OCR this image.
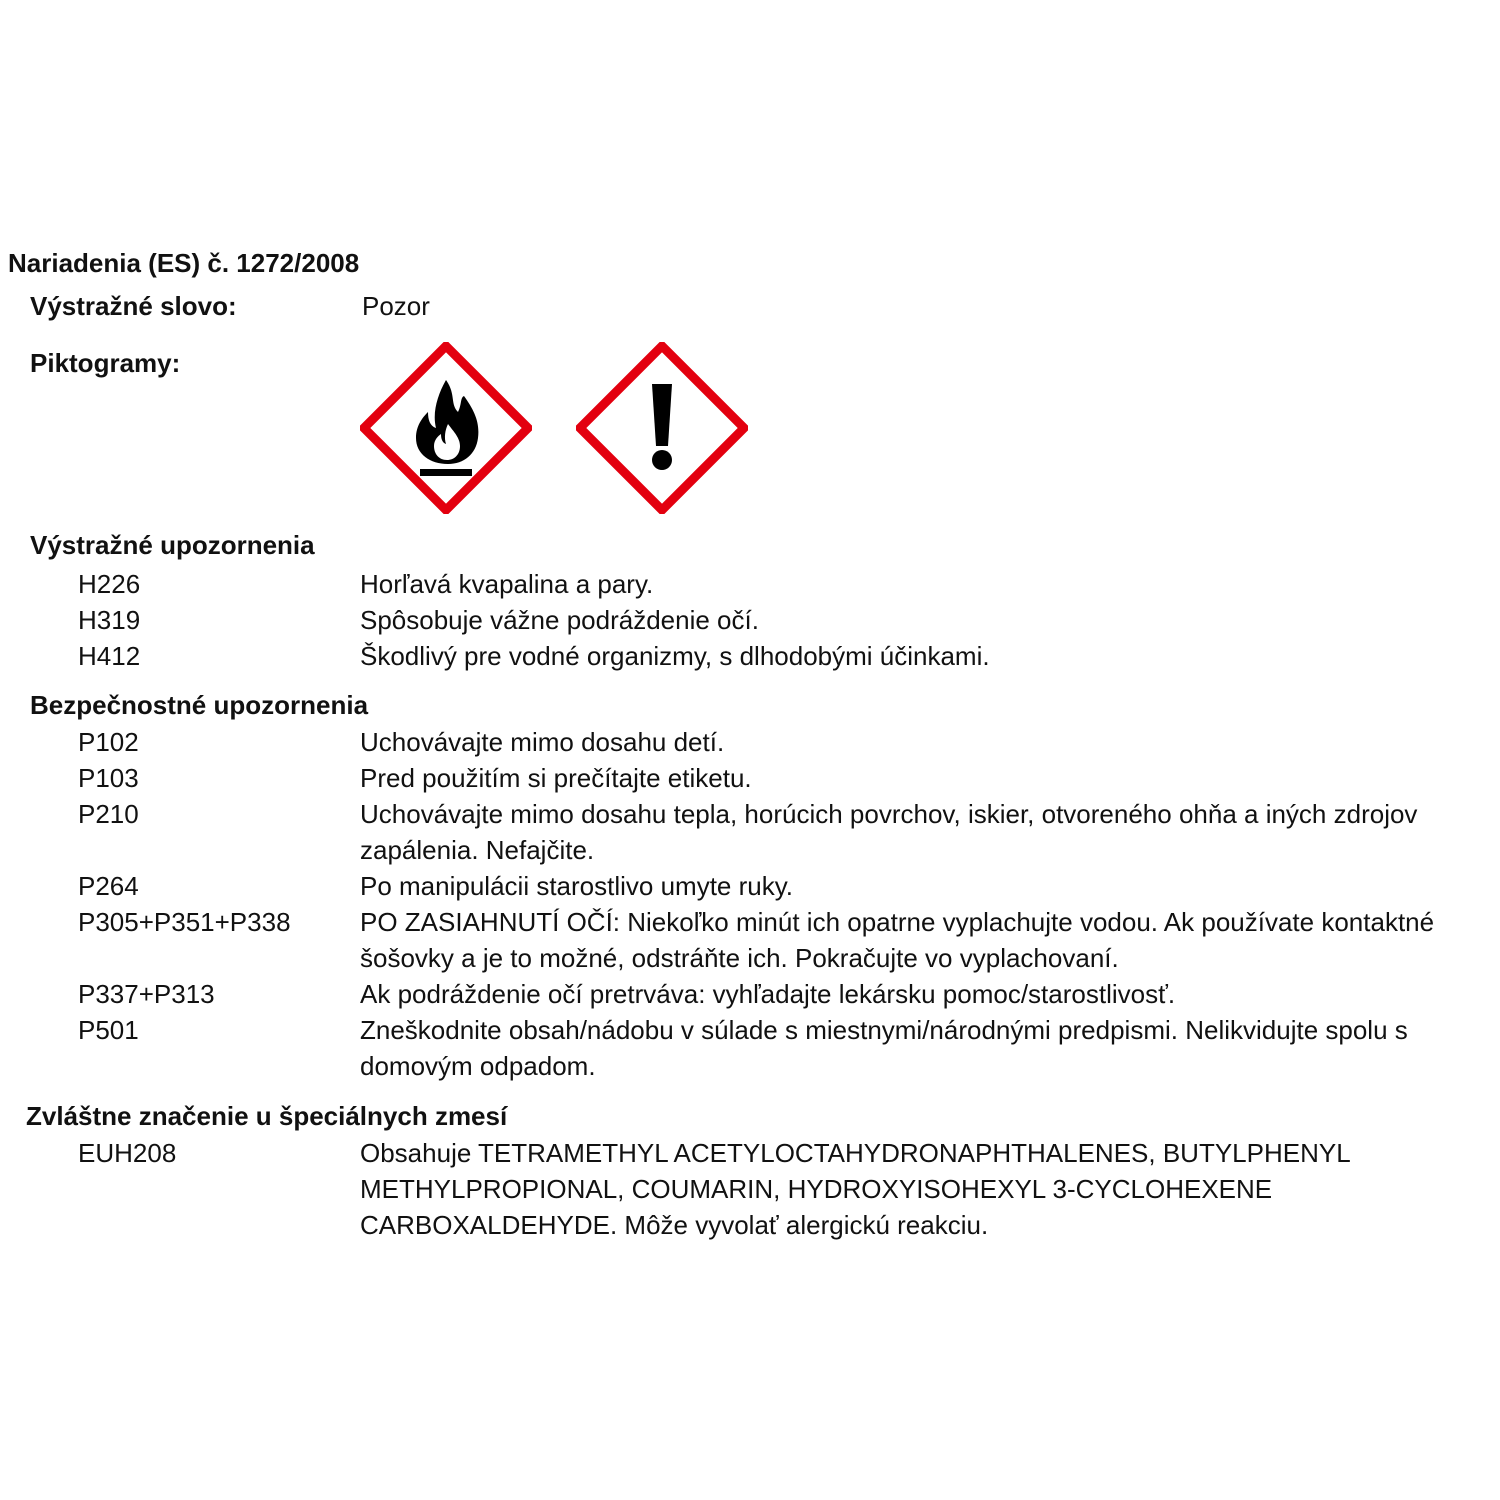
Nariadenia (ES) č. 1272/2008

Výstražné slovo:	Pozor

Piktogramy:

Výstražné upozornenia

H226	Horľavá kvapalina a pary.
H319	Spôsobuje vážne podráždenie očí.
H412	Škodlivý pre vodné organizmy, s dlhodobými účinkami.

Bezpečnostné upozornenia

P102	Uchovávajte mimo dosahu detí.
P103	Pred použitím si prečítajte etiketu.
P210	Uchovávajte mimo dosahu tepla, horúcich povrchov, iskier, otvoreného ohňa a iných zdrojov zapálenia. Nefajčite.
P264	Po manipulácii starostlivo umyte ruky.
P305+P351+P338	PO ZASIAHNUTÍ OČÍ: Niekoľko minút ich opatrne vyplachujte vodou. Ak používate kontaktné šošovky a je to možné, odstráňte ich. Pokračujte vo vyplachovaní.
P337+P313	Ak podráždenie očí pretrváva: vyhľadajte lekársku pomoc/starostlivosť.
P501	Zneškodnite obsah/nádobu v súlade s miestnymi/národnými predpismi. Nelikvidujte spolu s domovým odpadom.

Zvláštne značenie u špeciálnych zmesí

EUH208	Obsahuje TETRAMETHYL ACETYLOCTAHYDRONAPHTHALENES, BUTYLPHENYL METHYLPROPIONAL, COUMARIN, HYDROXYISOHEXYL 3-CYCLOHEXENE CARBOXALDEHYDE. Môže vyvolať alergickú reakciu.
